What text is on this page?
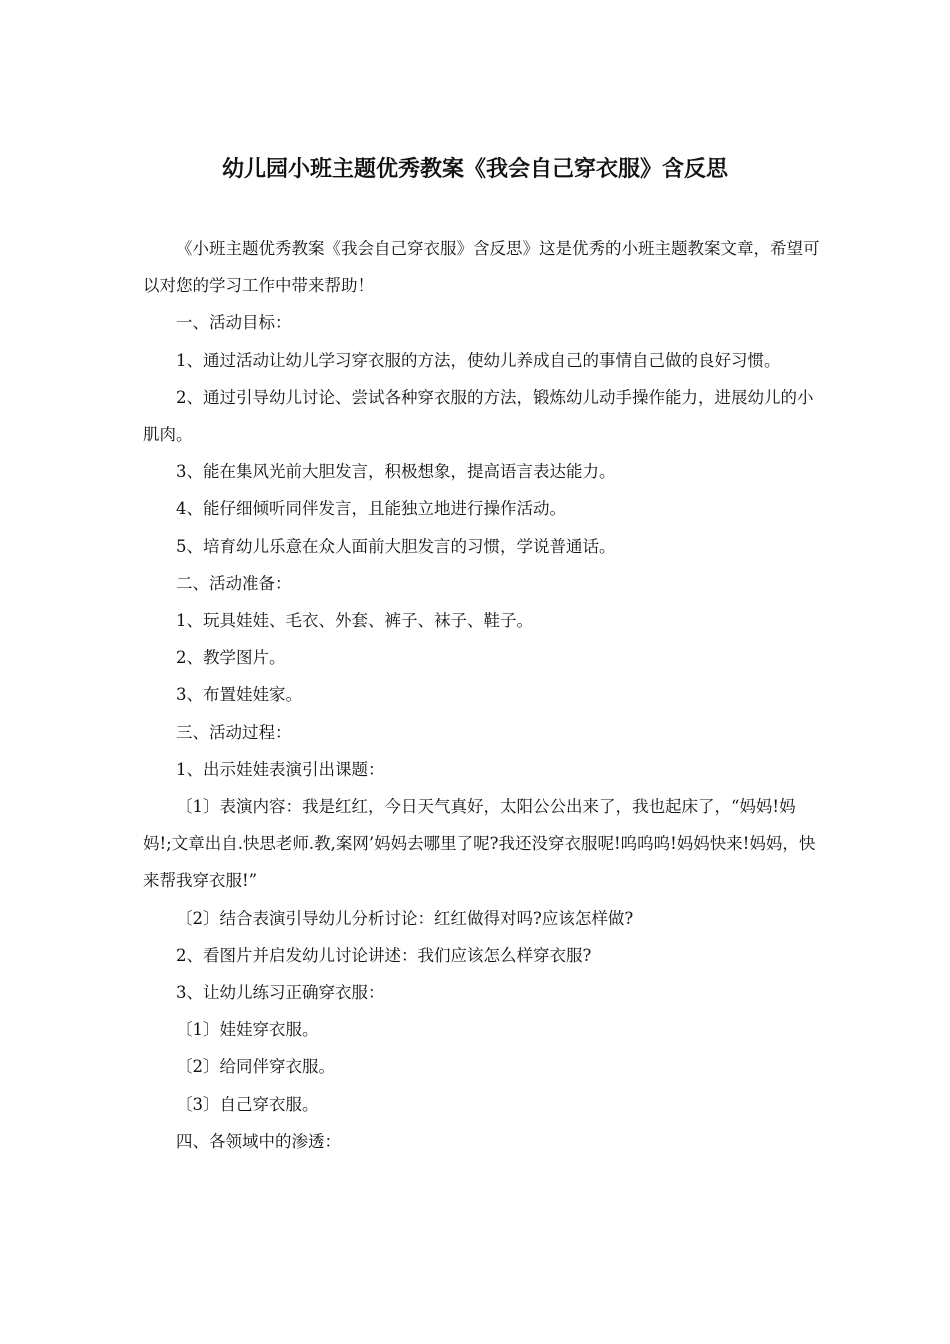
幼儿园小班主题优秀教案《我会自己穿衣服》含反思

《小班主题优秀教案《我会自己穿衣服》含反思》这是优秀的小班主题教案文章，希望可以对您的学习工作中带来帮助！

一、活动目标：

1、通过活动让幼儿学习穿衣服的方法，使幼儿养成自己的事情自己做的良好习惯。

2、通过引导幼儿讨论、尝试各种穿衣服的方法，锻炼幼儿动手操作能力，进展幼儿的小肌肉。

3、能在集风光前大胆发言，积极想象，提高语言表达能力。

4、能仔细倾听同伴发言，且能独立地进行操作活动。

5、培育幼儿乐意在众人面前大胆发言的习惯，学说普通话。

二、活动准备：

1、玩具娃娃、毛衣、外套、裤子、袜子、鞋子。

2、教学图片。

3、布置娃娃家。

三、活动过程：

1、出示娃娃表演引出课题：

〔1〕表演内容：我是红红，今日天气真好，太阳公公出来了，我也起床了，“妈妈!妈妈!;文章出自.快思老师.教,案网’妈妈去哪里了呢?我还没穿衣服呢!呜呜呜!妈妈快来!妈妈，快来帮我穿衣服!”

〔2〕结合表演引导幼儿分析讨论：红红做得对吗?应该怎样做?

2、看图片并启发幼儿讨论讲述：我们应该怎么样穿衣服?

3、让幼儿练习正确穿衣服：

〔1〕娃娃穿衣服。

〔2〕给同伴穿衣服。

〔3〕自己穿衣服。

四、各领域中的渗透：
